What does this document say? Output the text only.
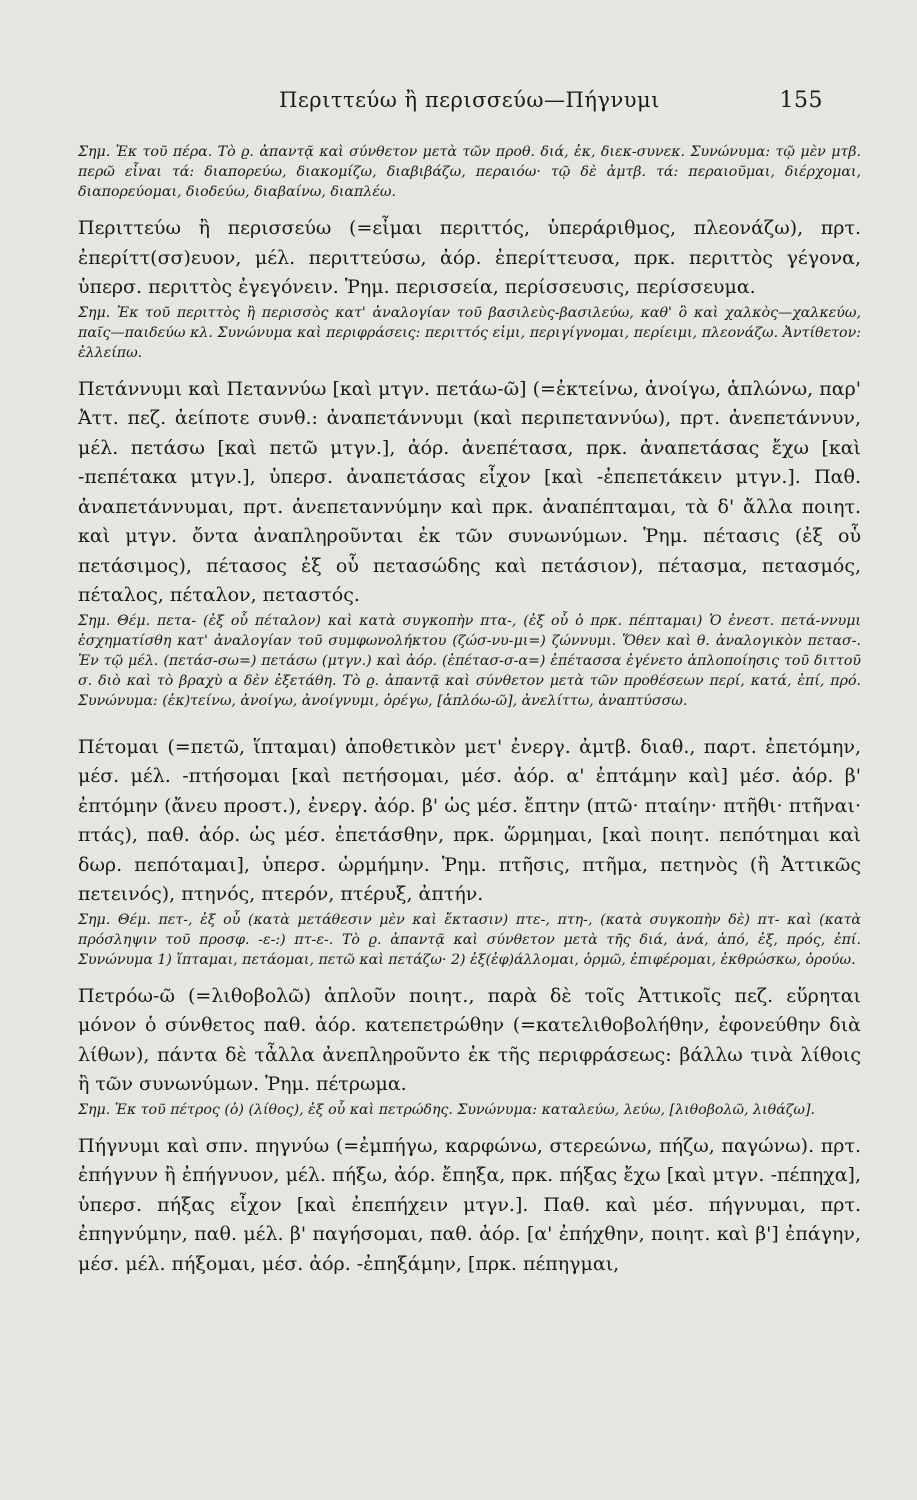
Περιττεύω ἢ περισσεύω—Πήγνυμι	155

Σημ. Ἐκ τοῦ πέρα. Τὸ ϱ. ἀπαντᾷ καὶ σύνθετον μετὰ τῶν προθ. διά, ἐκ, διεκ-συνεκ. Συνώνυμα: τῷ μὲν μτβ. περῶ εἶναι τά: διαπορεύω, διακομίζω, διαβιβάζω, περαιόω· τῷ δὲ ἀμτβ. τά: περαιοῦμαι, διέρχομαι, διαπορεύομαι, διοδεύω, διαβαίνω, διαπλέω.

Περιττεύω ἢ περισσεύω (=εἶμαι περιττός, ὑπεράριθμος, πλεονάζω), πρτ. ἐπερίττ(σσ)ευον, μέλ. περιττεύσω, ἀόρ. ἐπερίττευσα, πρκ. περιττὸς γέγονα, ὑπερσ. περιττὸς ἐγεγόνειν. Ῥημ. περισσεία, περίσσευσις, περίσσευμα.

Σημ. Ἐκ τοῦ περιττὸς ἢ περισσὸς κατ' ἀναλογίαν τοῦ βασιλεὺς-βασιλεύω, καθ' ὃ καὶ χαλκὸς—χαλκεύω, παῖς—παιδεύω κλ. Συνώνυμα καὶ περιφράσεις: περιττός εἰμι, περιγίγνομαι, περίειμι, πλεονάζω. Ἀντίθετον: ἐλλείπω.

Πετάννυμι καὶ Πεταννύω [καὶ μτγν. πετάω-ῶ] (=ἐκτείνω, ἀνοίγω, ἁπλώνω, παρ' Ἀττ. πεζ. ἀείποτε συνθ.: ἀναπετάννυμι (καὶ περιπεταννύω), πρτ. ἀνεπετάννυν, μέλ. πετάσω [καὶ πετῶ μτγν.], ἀόρ. ἀνεπέτασα, πρκ. ἀναπετάσας ἔχω [καὶ -πεπέτακα μτγν.], ὑπερσ. ἀναπετάσας εἶχον [καὶ -ἐπεπετάκειν μτγν.]. Παθ. ἀναπετάννυμαι, πρτ. ἀνεπεταννύμην καὶ πρκ. ἀναπέπταμαι, τὰ δ' ἄλλα ποιητ. καὶ μτγν. ὄντα ἀναπληροῦνται ἐκ τῶν συνωνύμων. Ῥημ. πέτασις (ἐξ οὗ πετάσιμος), πέτασος ἐξ οὗ πετασώδης καὶ πετάσιον), πέτασμα, πετασμός, πέταλος, πέταλον, πεταστός.

Σημ. Θέμ. πετα- (ἐξ οὗ πέταλον) καὶ κατὰ συγκοπὴν πτα-, (ἐξ οὗ ὁ πρκ. πέπταμαι) Ὁ ἐνεστ. πετά-ννυμι ἐσχηματίσθη κατ' ἀναλογίαν τοῦ συμφωνολήκτου (ζώσ-νυ-μι=) ζώννυμι. Ὅθεν καὶ θ. ἀναλογικὸν πετασ-. Ἐν τῷ μέλ. (πετάσ-σω=) πετάσω (μτγν.) καὶ ἀόρ. (ἐπέτασ-σ-α=) ἐπέτασσα ἐγένετο ἁπλοποίησις τοῦ διττοῦ σ. διὸ καὶ τὸ βραχὺ α δὲν ἐξετάθη. Τὸ ϱ. ἀπαντᾷ καὶ σύνθετον μετὰ τῶν προθέσεων περί, κατά, ἐπί, πρό. Συνώνυμα: (ἐκ)τείνω, ἀνοίγω, ἀνοίγνυμι, ὀρέγω, [ἁπλόω-ῶ], ἀνελίττω, ἀναπτύσσω.

Πέτομαι (=πετῶ, ἵπταμαι) ἀποθετικὸν μετ' ἐνεργ. ἀμτβ. διαθ., παρτ. ἐπετόμην, μέσ. μέλ. -πτήσομαι [καὶ πετήσομαι, μέσ. ἀόρ. α' ἐπτάμην καὶ] μέσ. ἀόρ. β' ἐπτόμην (ἄνευ προστ.), ἐνεργ. ἀόρ. β' ὡς μέσ. ἔπτην (πτῶ· πταίην· πτῆθι· πτῆναι· πτάς), παθ. ἀόρ. ὡς μέσ. ἐπετάσθην, πρκ. ὥρμημαι, [καὶ ποιητ. πεπότημαι καὶ δωρ. πεπόταμαι], ὑπερσ. ὡρμήμην. Ῥημ. πτῆσις, πτῆμα, πετηνὸς (ἢ Ἀττικῶς πετεινός), πτηνός, πτερόν, πτέρυξ, ἀπτήν.

Σημ. Θέμ. πετ-, ἐξ οὗ (κατὰ μετάθεσιν μὲν καὶ ἔκτασιν) πτε-, πτη-, (κατὰ συγκοπὴν δὲ) πτ- καὶ (κατὰ πρόσληψιν τοῦ προσφ. -ε-:) πτ-ε-. Τὸ ϱ. ἀπαντᾷ καὶ σύνθετον μετὰ τῆς διά, ἀνά, ἀπό, ἐξ, πρός, ἐπί. Συνώνυμα 1) ἵπταμαι, πετάομαι, πετῶ καὶ πετάζω· 2) ἐξ(ἐφ)άλλομαι, ὁρμῶ, ἐπιφέρομαι, ἐκθρώσκω, ὀρούω.

Πετρόω-ῶ (=λιθοβολῶ) ἁπλοῦν ποιητ., παρὰ δὲ τοῖς Ἀττικοῖς πεζ. εὕρηται μόνον ὁ σύνθετος παθ. ἀόρ. κατεπετρώθην (=κατελιθοβολήθην, ἐφονεύθην διὰ λίθων), πάντα δὲ τἆλλα ἀνεπληροῦντο ἐκ τῆς περιφράσεως: βάλλω τινὰ λίθοις ἢ τῶν συνωνύμων. Ῥημ. πέτρωμα.

Σημ. Ἐκ τοῦ πέτρος (ὁ) (λίθος), ἐξ οὗ καὶ πετρώδης. Συνώνυμα: καταλεύω, λεύω, [λιθοβολῶ, λιθάζω].

Πήγνυμι καὶ σπν. πηγνύω (=ἐμπήγω, καρφώνω, στερεώνω, πήζω, παγώνω). πρτ. ἐπήγνυν ἢ ἐπήγνυον, μέλ. πήξω, ἀόρ. ἔπηξα, πρκ. πήξας ἔχω [καὶ μτγν. -πέπηχα], ὑπερσ. πήξας εἶχον [καὶ ἐπεπήχειν μτγν.]. Παθ. καὶ μέσ. πήγνυμαι, πρτ. ἐπηγνύμην, παθ. μέλ. β' παγήσομαι, παθ. ἀόρ. [α' ἐπήχθην, ποιητ. καὶ β'] ἐπάγην, μέσ. μέλ. πήξομαι, μέσ. ἀόρ. -ἐπηξάμην, [πρκ. πέπηγμαι,
